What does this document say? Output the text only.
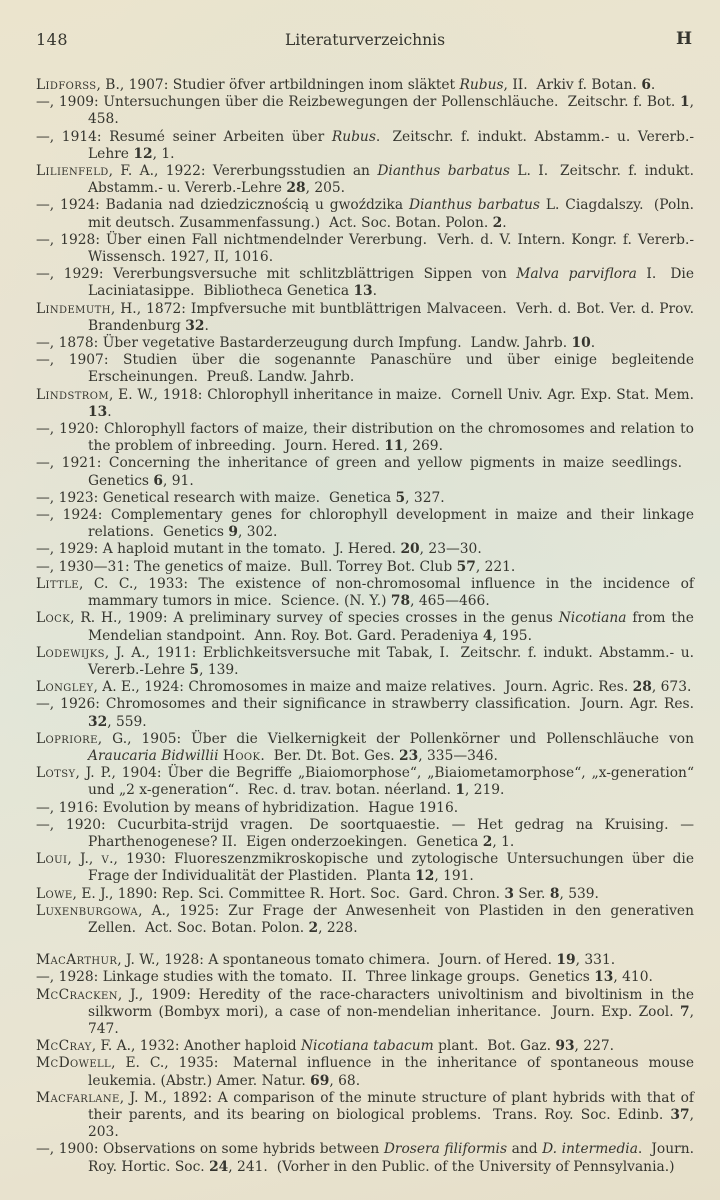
148	Literaturverzeichnis	H

Lidforss, B., 1907: Studier öfver artbildningen inom släktet Rubus, II.  Arkiv f. Botan. 6.

—, 1909: Untersuchungen über die Reizbewegungen der Pollenschläuche.  Zeitschr. f. Bot. 1, 458.

—, 1914: Resumé seiner Arbeiten über Rubus.  Zeitschr. f. indukt. Abstamm.- u. Vererb.-Lehre 12, 1.

Lilienfeld, F. A., 1922: Vererbungsstudien an Dianthus barbatus L. I.  Zeitschr. f. indukt. Abstamm.- u. Vererb.-Lehre 28, 205.

—, 1924: Badania nad dziedzicznością u gwoździka Dianthus barbatus L. Ciagdalszy.  (Poln. mit deutsch. Zusammenfassung.)  Act. Soc. Botan. Polon. 2.

—, 1928: Über einen Fall nichtmendelnder Vererbung.  Verh. d. V. Intern. Kongr. f. Vererb.-Wissensch. 1927, II, 1016.

—, 1929: Vererbungsversuche mit schlitzblättrigen Sippen von Malva parviflora I.  Die Laciniatasippe.  Bibliotheca Genetica 13.

Lindemuth, H., 1872: Impfversuche mit buntblättrigen Malvaceen.  Verh. d. Bot. Ver. d. Prov. Brandenburg 32.

—, 1878: Über vegetative Bastarderzeugung durch Impfung.  Landw. Jahrb. 10.

—, 1907: Studien über die sogenannte Panaschüre und über einige begleitende Erscheinungen.  Preuß. Landw. Jahrb.

Lindstrom, E. W., 1918: Chlorophyll inheritance in maize.  Cornell Univ. Agr. Exp. Stat. Mem. 13.

—, 1920: Chlorophyll factors of maize, their distribution on the chromosomes and relation to the problem of inbreeding.  Journ. Hered. 11, 269.

—, 1921: Concerning the inheritance of green and yellow pigments in maize seedlings.  Genetics 6, 91.

—, 1923: Genetical research with maize.  Genetica 5, 327.

—, 1924: Complementary genes for chlorophyll development in maize and their linkage relations.  Genetics 9, 302.

—, 1929: A haploid mutant in the tomato.  J. Hered. 20, 23—30.

—, 1930—31: The genetics of maize.  Bull. Torrey Bot. Club 57, 221.

Little, C. C., 1933: The existence of non-chromosomal influence in the incidence of mammary tumors in mice.  Science. (N. Y.) 78, 465—466.

Lock, R. H., 1909: A preliminary survey of species crosses in the genus Nicotiana from the Mendelian standpoint.  Ann. Roy. Bot. Gard. Peradeniya 4, 195.

Lodewijks, J. A., 1911: Erblichkeitsversuche mit Tabak, I.  Zeitschr. f. indukt. Abstamm.- u. Vererb.-Lehre 5, 139.

Longley, A. E., 1924: Chromosomes in maize and maize relatives.  Journ. Agric. Res. 28, 673.

—, 1926: Chromosomes and their significance in strawberry classification.  Journ. Agr. Res. 32, 559.

Lopriore, G., 1905: Über die Vielkernigkeit der Pollenkörner und Pollenschläuche von Araucaria Bidwillii Hook.  Ber. Dt. Bot. Ges. 23, 335—346.

Lotsy, J. P., 1904: Über die Begriffe „Biaiomorphose“, „Biaiometamorphose“, „x-generation“ und „2 x-generation“.  Rec. d. trav. botan. néerland. 1, 219.

—, 1916: Evolution by means of hybridization.  Hague 1916.

—, 1920: Cucurbita-strijd vragen.  De soortquaestie. — Het gedrag na Kruising. — Pharthenogenese? II.  Eigen onderzoekingen.  Genetica 2, 1.

Loui, J., v., 1930: Fluoreszenzmikroskopische und zytologische Untersuchungen über die Frage der Individualität der Plastiden.  Planta 12, 191.

Lowe, E. J., 1890: Rep. Sci. Committee R. Hort. Soc.  Gard. Chron. 3 Ser. 8, 539.

Luxenburgowa, A., 1925: Zur Frage der Anwesenheit von Plastiden in den generativen Zellen.  Act. Soc. Botan. Polon. 2, 228.

MacArthur, J. W., 1928: A spontaneous tomato chimera.  Journ. of Hered. 19, 331.

—, 1928: Linkage studies with the tomato.  II.  Three linkage groups.  Genetics 13, 410.

McCracken, J., 1909: Heredity of the race-characters univoltinism and bivoltinism in the silkworm (Bombyx mori), a case of non-mendelian inheritance.  Journ. Exp. Zool. 7, 747.

McCray, F. A., 1932: Another haploid Nicotiana tabacum plant.  Bot. Gaz. 93, 227.

McDowell, E. C., 1935:  Maternal influence in the inheritance of spontaneous mouse leukemia. (Abstr.) Amer. Natur. 69, 68.

Macfarlane, J. M., 1892: A comparison of the minute structure of plant hybrids with that of their parents, and its bearing on biological problems.  Trans. Roy. Soc. Edinb. 37, 203.

—, 1900: Observations on some hybrids between Drosera filiformis and D. intermedia.  Journ. Roy. Hortic. Soc. 24, 241.  (Vorher in den Public. of the University of Pennsylvania.)
